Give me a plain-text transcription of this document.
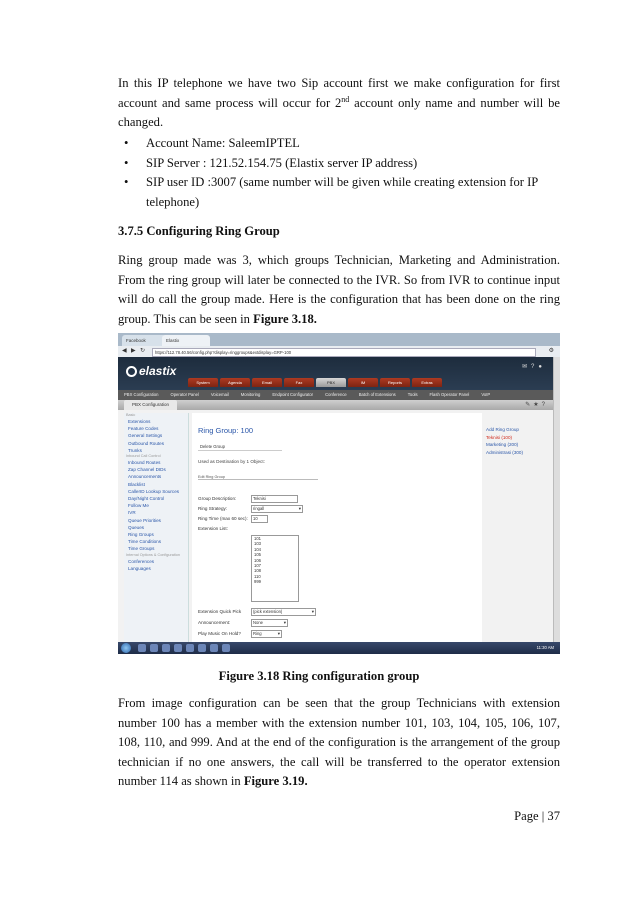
In this IP telephone we have two Sip account first we make configuration for first account and same process will occur for 2nd account only name and number will be changed.
• Account Name: SaleemIPTEL
• SIP Server : 121.52.154.75 (Elastix server IP address)
• SIP user ID :3007 (same number will be given while creating extension for IP telephone)
3.7.5 Configuring Ring Group
Ring group made was 3, which groups Technician, Marketing and Administration. From the ring group will later be connected to the IVR. So from IVR to continue input will do call the group made. Here is the configuration that has been done on the ring group. This can be seen in Figure 3.18.
Facebook	Elastix
◀ ▶ ↻	https://112.78.40.56/config.php?display=ringgroups&extdisplay=GRP-100	⚙
elastix	✉?●
System	Agenda	Email	Fax	PBX	IM	Reports	Extras
PBX Configuration	Operator Panel	Voicemail	Monitoring	Endpoint Configurator	Conference	Batch of Extensions	Tools	Flash Operator Panel	VoIP
PBX Configuration	✎★?
Basic
Extensions
Feature Codes
General Settings
Outbound Routes
Trunks
Inbound Call Control
Inbound Routes
Zap Channel DIDs
Announcements
Blacklist
CallerID Lookup Sources
Day/Night Control
Follow Me
IVR
Queue Priorities
Queues
Ring Groups
Time Conditions
Time Groups
Internal Options & Configuration
Conferences
Languages
Ring Group: 100
Delete Group
Used as Destination by 1 Object:
Edit Ring Group
Group Description:	Teknisi
Ring Strategy:	ringall ▾
Ring Time (max 60 sec):	10
Extension List:
101
103
104
105
106
107
108
110
999
Extension Quick Pick	(pick extension) ▾
Announcement:	None ▾
Play Music On Hold?	Ring ▾
Add Ring Group
Teknisi (100)
Marketing (200)
Administrasi (300)
11:30 AM
Figure 3.18 Ring configuration group
From image configuration can be seen that the group Technicians with extension number 100 has a member with the extension number 101, 103, 104, 105, 106, 107, 108, 110, and 999. And at the end of the configuration is the arrangement of the group technician if no one answers, the call will be transferred to the operator extension number 114 as shown in Figure 3.19.
Page | 37
